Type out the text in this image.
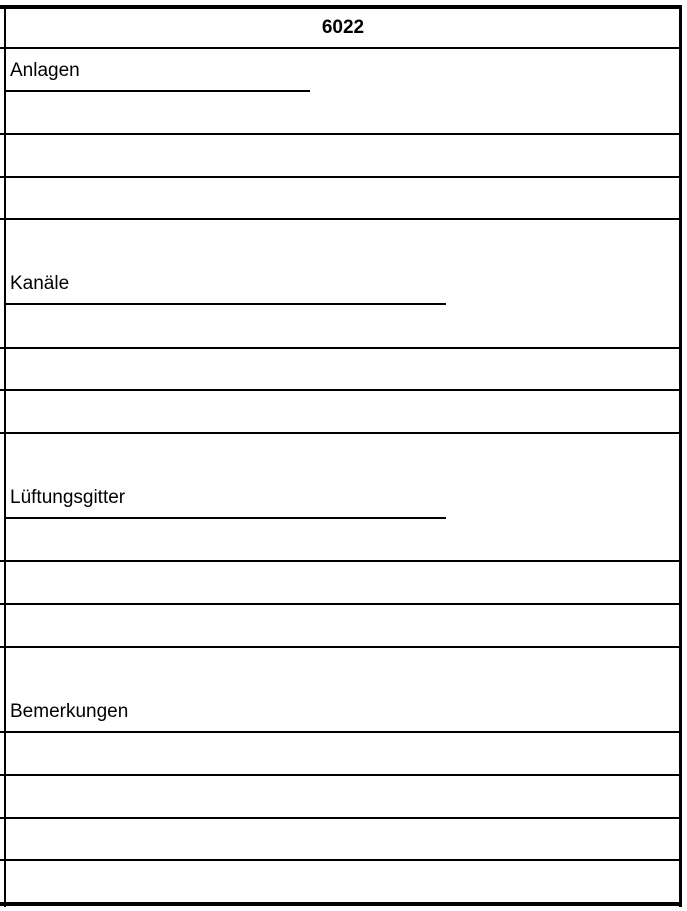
6022
Anlagen
Kanäle
Lüftungsgitter
Bemerkungen
